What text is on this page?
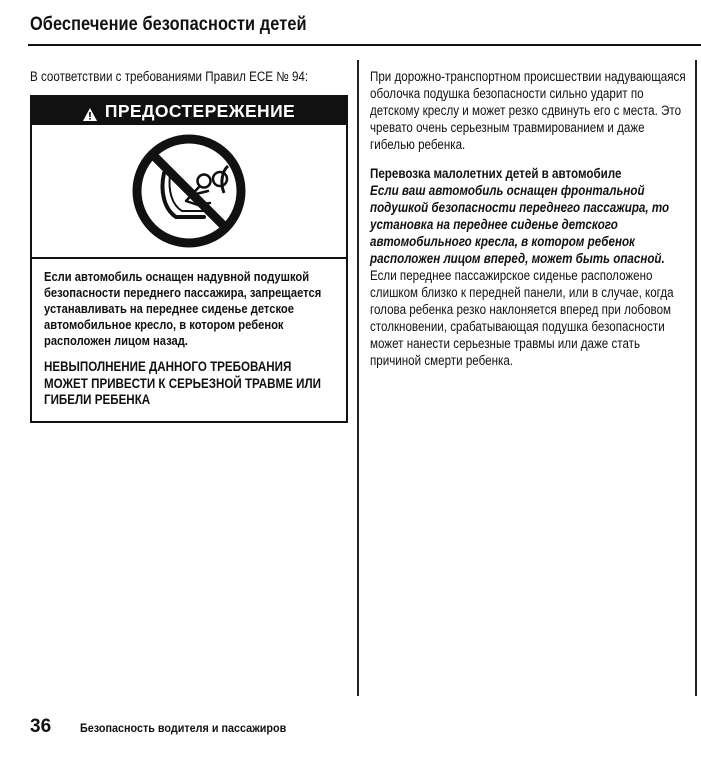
Обеспечение безопасности детей

В соответствии с требованиями Правил ECE № 94:

ПРЕДОСТЕРЕЖЕНИЕ

Если автомобиль оснащен надувной подушкой безопасности переднего пассажира, запрещается устанавливать на переднее сиденье детское автомобильное кресло, в котором ребенок расположен лицом назад.

НЕВЫПОЛНЕНИЕ ДАННОГО ТРЕБОВАНИЯ МОЖЕТ ПРИВЕСТИ К СЕРЬЕЗНОЙ ТРАВМЕ ИЛИ ГИБЕЛИ РЕБЕНКА

При дорожно-транспортном происшествии надувающаяся оболочка подушка безопасности сильно ударит по детскому креслу и может резко сдвинуть его с места. Это чревато очень серьезным травмированием и даже гибелью ребенка.

Перевозка малолетних детей в автомобиле
Если ваш автомобиль оснащен фронтальной подушкой безопасности переднего пассажира, то установка на переднее сиденье детского автомобильного кресла, в котором ребенок расположен лицом вперед, может быть опасной. Если переднее пассажирское сиденье расположено слишком близко к передней панели, или в случае, когда голова ребенка резко наклоняется вперед при лобовом столкновении, срабатывающая подушка безопасности может нанести серьезные травмы или даже стать причиной смерти ребенка.

36	Безопасность водителя и пассажиров
